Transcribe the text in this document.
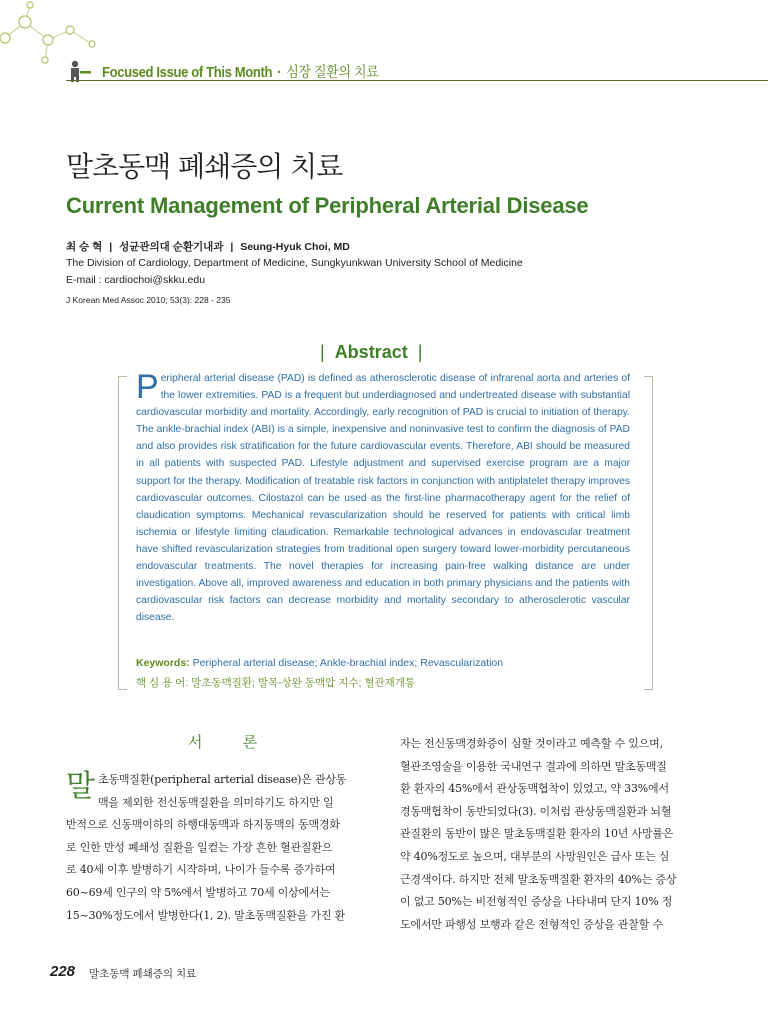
Focused Issue of This Month · 심장 질환의 치료
말초동맥 폐쇄증의 치료
Current Management of Peripheral Arterial Disease
최 승 혁 | 성균관의대 순환기내과 | Seung-Hyuk Choi, MD
The Division of Cardiology, Department of Medicine, Sungkyunkwan University School of Medicine
E-mail : cardiochoi@skku.edu
J Korean Med Assoc 2010; 53(3): 228 - 235
| Abstract |
Peripheral arterial disease (PAD) is defined as atherosclerotic disease of infrarenal aorta and arteries of the lower extremities. PAD is a frequent but underdiagnosed and undertreated disease with substantial cardiovascular morbidity and mortality. Accordingly, early recognition of PAD is crucial to initiation of therapy. The ankle-brachial index (ABI) is a simple, inexpensive and noninvasive test to confirm the diagnosis of PAD and also provides risk stratification for the future cardiovascular events. Therefore, ABI should be measured in all patients with suspected PAD. Lifestyle adjustment and supervised exercise program are a major support for the therapy. Modification of treatable risk factors in conjunction with antiplatelet therapy improves cardiovascular outcomes. Cilostazol can be used as the first-line pharmacotherapy agent for the relief of claudication symptoms. Mechanical revascularization should be reserved for patients with critical limb ischemia or lifestyle limiting claudication. Remarkable technological advances in endovascular treatment have shifted revascularization strategies from traditional open surgery toward lower-morbidity percutaneous endovascular treatments. The novel therapies for increasing pain-free walking distance are under investigation. Above all, improved awareness and education in both primary physicians and the patients with cardiovascular risk factors can decrease morbidity and mortality secondary to atherosclerotic vascular disease.
Keywords: Peripheral arterial disease; Ankle-brachial index; Revascularization
핵 심 용 어: 말초동맥질환; 발목-상완 동맥압 지수; 혈관재개통
서 론
말 초동맥질환(peripheral arterial disease)은 관상동
맥을 제외한 전신동맥질환을 의미하기도 하지만 일
반적으로 신동맥이하의 하행대동맥과 하지동맥의 동맥경화
로 인한 만성 폐쇄성 질환을 일컫는 가장 흔한 혈관질환으
로 40세 이후 발병하기 시작하며, 나이가 들수록 증가하여
60~69세 인구의 약 5%에서 발병하고 70세 이상에서는
15~30%정도에서 발병한다(1, 2). 말초동맥질환을 가진 환
자는 전신동맥경화증이 심할 것이라고 예측할 수 있으며,
혈관조영술을 이용한 국내연구 결과에 의하면 말초동맥질
환 환자의 45%에서 관상동맥협착이 있었고, 약 33%에서
경동맥협착이 동반되었다(3). 이처럼 관상동맥질환과 뇌혈
관질환의 동반이 많은 말초동맥질환 환자의 10년 사망률은
약 40%정도로 높으며, 대부분의 사망원인은 급사 또는 심
근경색이다. 하지만 전체 말초동맥질환 환자의 40%는 증상
이 없고 50%는 비전형적인 증상을 나타내며 단지 10% 정
도에서만 파행성 보행과 같은 전형적인 증상을 관찰할 수
228 말초동맥 폐쇄증의 치료
